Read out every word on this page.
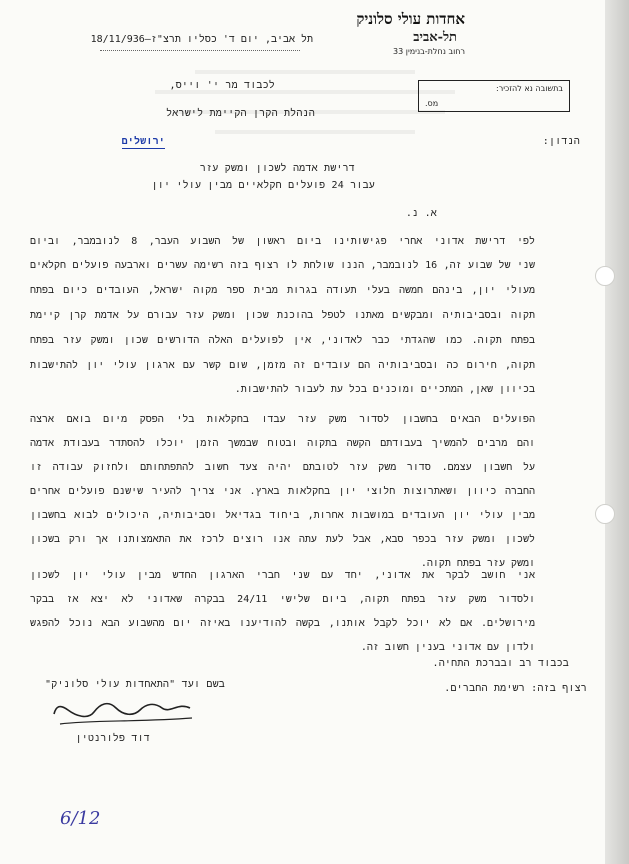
אחדות עולי סלוניק
תל-אביב
רחוב נחלת-בנימין 33
תל אביב, יום ד' כסליו תרצ"ז—18/11/936
בתשובה נא להזכיר:
מס.
לכבוד מר י' וייס,
הנהלת הקרן הקיימת לישראל
ירושלים	הנדון:
דרישת אדמה לשכון ומשק עזר
עבור 24 פועלים חקלאיים מבין עולי יון
א. נ.
לפי דרישת אדוני אחרי פגישותינו ביום ראשון של השבוע העבר, 8 לנובמבר, וביום
שני של שבוע זה, 16 לנובמבר, הננו שולחת לו רצוף בזה רשימה עשרים וארבעה פועלים חקלאים
מעולי יון, בינהם חמשה בעלי תעודה בגרות מבית ספר מקוה ישראל, העובדים כיום בפתח
תקוה ובסביבותיה ומבקשים מאתנו לטפל בהוכנת שכון ומשק עזר עבורם על אדמת קרן קיימת
בפתח תקוה. כמו שהגדתי כבר לאדוני, אין לפועלים האלה הדורשים שכון ומשק עזר בפתח
תקוה, חירום כה ובסביבותיה הם עובדים זה מזמן, שום קשר עם ארגון עולי יון להתישבות
בכיוון שאן, המתכיים ומוכנים בכל עת לעבור להתישבות.
הפועלים הבאים בחשבון לסדור משק עזר עבדו בחקלאות בלי הפסק מיום בואם ארצה
והם מרבים להמשיך בעבודתם הקשה בתקוה ובטוח שבמשך הזמן יוכלו להסתדר בעבודת אדמה
על חשבון עצמם. סדור משק עזר לטובתם יהיה צעד חשוב להתפתחותם ולחזוק עבודה זו
החברה כיוון ושאתרוצות חלוצי יון בחקלאות בארץ. אני צריך להעיר שישנם פועלים אחרים
מבין עולי יון העובדים במושבות אחרות, ביחוד בגדיאל וסביבותיה, היכולים לבוא בחשבון
לשכון ומשק עזר בכפר סבא, אבל לעת עתה אנו רוצים לרכז את התאמצותנו אך ורק בשכון
ומשק עזר בפתח תקוה.
אני חושב לבקר את אדוני, יחד עם שני חברי הארגון החדש מבין עולי יון לשכון
ולסדור משק עזר בפתח תקוה, ביום שלישי 24/11 בבקרה שאדוני לא יצא אז בבקר
מירושלים. אם לא יוכל לקבל אותנו, בקשה להודיענו באיזה יום מהשבוע הבא נוכל להפגש
ולדון עם אדוני בענין חשוב זה.
בכבוד רב ובברכת התחיה.
רצוף בזה: רשימת החברים.
בשם ועד "התאחדות עולי סלוניק"
דוד פלורנטין
6/12
